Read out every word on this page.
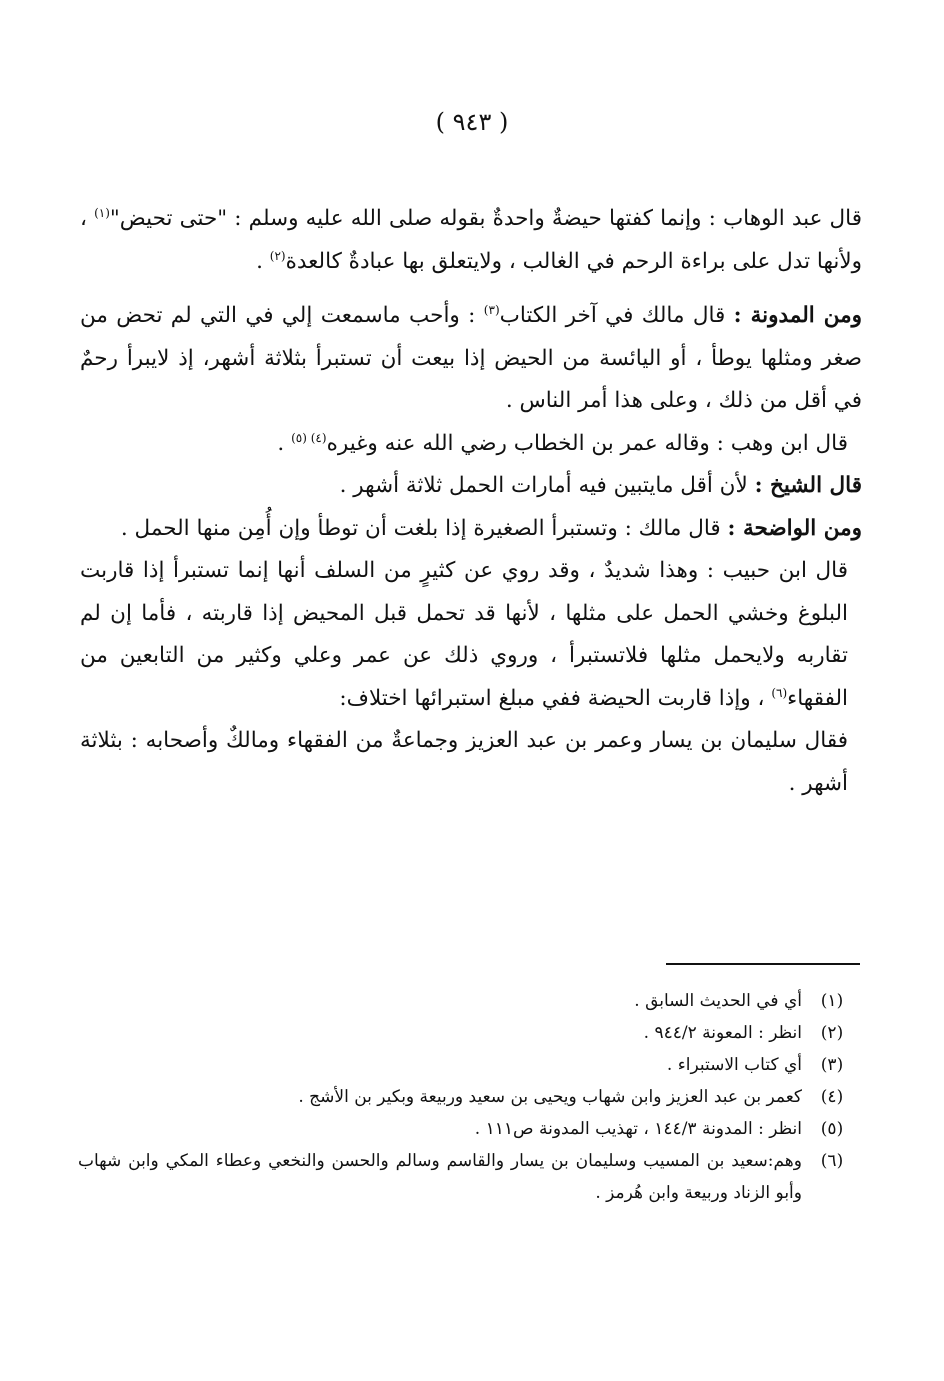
( ٩٤٣ )

قال عبد الوهاب : وإنما كفتها حيضةٌ واحدةٌ بقوله صلى الله عليه وسلم : "حتى تحيض"$^{(١)}$ ، ولأنها تدل على براءة الرحم في الغالب ، ولايتعلق بها عبادةٌ كالعدة$^{(٢)}$ .

ومن المدونة : قال مالك في آخر الكتاب$^{(٣)}$ : وأحب ماسمعت إلي في التي لم تحض من صغر ومثلها يوطأ ، أو اليائسة من الحيض إذا بيعت أن تستبرأ بثلاثة أشهر، إذ لايبرأ رحمٌ في أقل من ذلك ، وعلى هذا أمر الناس .

قال ابن وهب : وقاله عمر بن الخطاب رضي الله عنه وغيره$^{(٤) (٥)}$ .

قال الشيخ : لأن أقل مايتبين فيه أمارات الحمل ثلاثة أشهر .

ومن الواضحة : قال مالك : وتستبرأ الصغيرة إذا بلغت أن توطأ وإن أُمِن منها الحمل .

قال ابن حبيب : وهذا شديدٌ ، وقد روي عن كثيرٍ من السلف أنها إنما تستبرأ إذا قاربت البلوغ وخشي الحمل على مثلها ، لأنها قد تحمل قبل المحيض إذا قاربته ، فأما إن لم تقاربه ولايحمل مثلها فلاتستبرأ ، وروي ذلك عن عمر وعلي وكثير من التابعين من الفقهاء$^{(٦)}$ ، وإذا قاربت الحيضة ففي مبلغ استبرائها اختلاف:

فقال سليمان بن يسار وعمر بن عبد العزيز وجماعةٌ من الفقهاء ومالكٌ وأصحابه : بثلاثة أشهر .

(١)
أي في الحديث السابق .
(٢)
انظر : المعونة ٩٤٤/٢ .
(٣)
أي كتاب الاستبراء .
(٤)
كعمر بن عبد العزيز وابن شهاب ويحيى بن سعيد وربيعة وبكير بن الأشج .
(٥)
انظر : المدونة ١٤٤/٣ ، تهذيب المدونة ص١١١ .
(٦)
وهم:سعيد بن المسيب وسليمان بن يسار والقاسم وسالم والحسن والنخعي وعطاء المكي وابن شهاب وأبو الزناد وربيعة وابن هُرمز .
